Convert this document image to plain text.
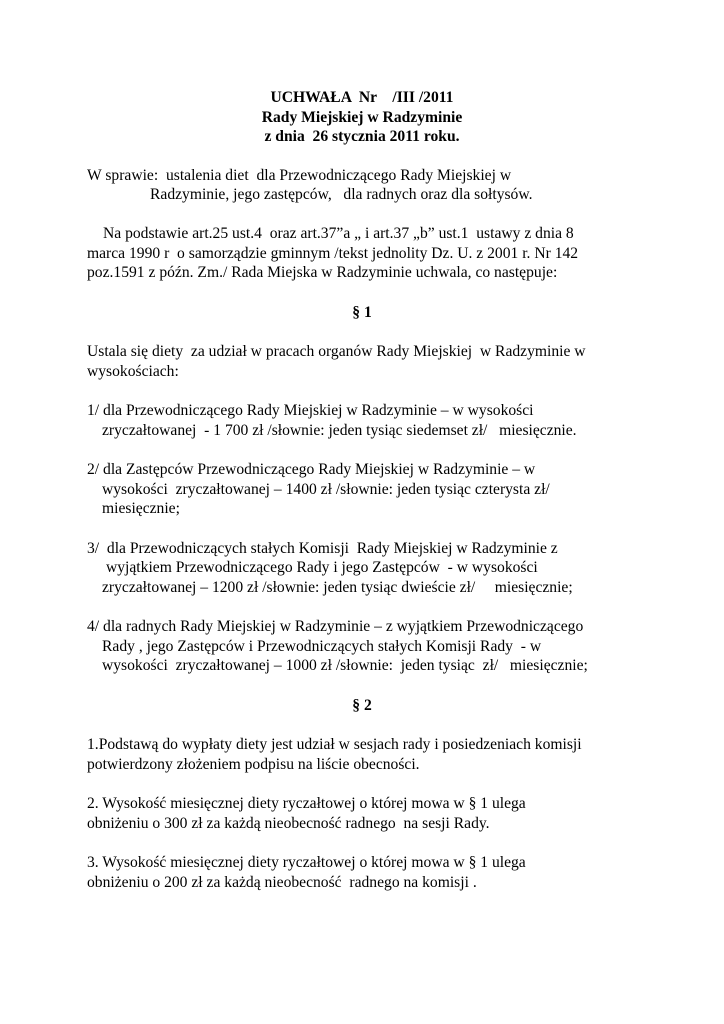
UCHWAŁA  Nr    /III /2011
Rady Miejskiej w Radzyminie
z dnia  26 stycznia 2011 roku.
W sprawie:  ustalenia diet  dla Przewodniczącego Rady Miejskiej w
Radzyminie, jego zastępców,   dla radnych oraz dla sołtysów.
Na podstawie art.25 ust.4  oraz art.37”a „ i art.37 „b” ust.1  ustawy z dnia 8
marca 1990 r  o samorządzie gminnym /tekst jednolity Dz. U. z 2001 r. Nr 142
poz.1591 z późn. Zm./ Rada Miejska w Radzyminie uchwala, co następuje:
§ 1
Ustala się diety  za udział w pracach organów Rady Miejskiej  w Radzyminie w
wysokościach:
1/ dla Przewodniczącego Rady Miejskiej w Radzyminie – w wysokości
zryczałtowanej  - 1 700 zł /słownie: jeden tysiąc siedemset zł/   miesięcznie.
2/ dla Zastępców Przewodniczącego Rady Miejskiej w Radzyminie – w
wysokości  zryczałtowanej – 1400 zł /słownie: jeden tysiąc czterysta zł/
miesięcznie;
3/  dla Przewodniczących stałych Komisji  Rady Miejskiej w Radzyminie z
wyjątkiem Przewodniczącego Rady i jego Zastępców  - w wysokości
zryczałtowanej – 1200 zł /słownie: jeden tysiąc dwieście zł/     miesięcznie;
4/ dla radnych Rady Miejskiej w Radzyminie – z wyjątkiem Przewodniczącego
Rady , jego Zastępców i Przewodniczących stałych Komisji Rady  - w
wysokości  zryczałtowanej – 1000 zł /słownie:  jeden tysiąc  zł/   miesięcznie;
§ 2
1.Podstawą do wypłaty diety jest udział w sesjach rady i posiedzeniach komisji
potwierdzony złożeniem podpisu na liście obecności.
2. Wysokość miesięcznej diety ryczałtowej o której mowa w § 1 ulega
obniżeniu o 300 zł za każdą nieobecność radnego  na sesji Rady.
3. Wysokość miesięcznej diety ryczałtowej o której mowa w § 1 ulega
obniżeniu o 200 zł za każdą nieobecność  radnego na komisji .
